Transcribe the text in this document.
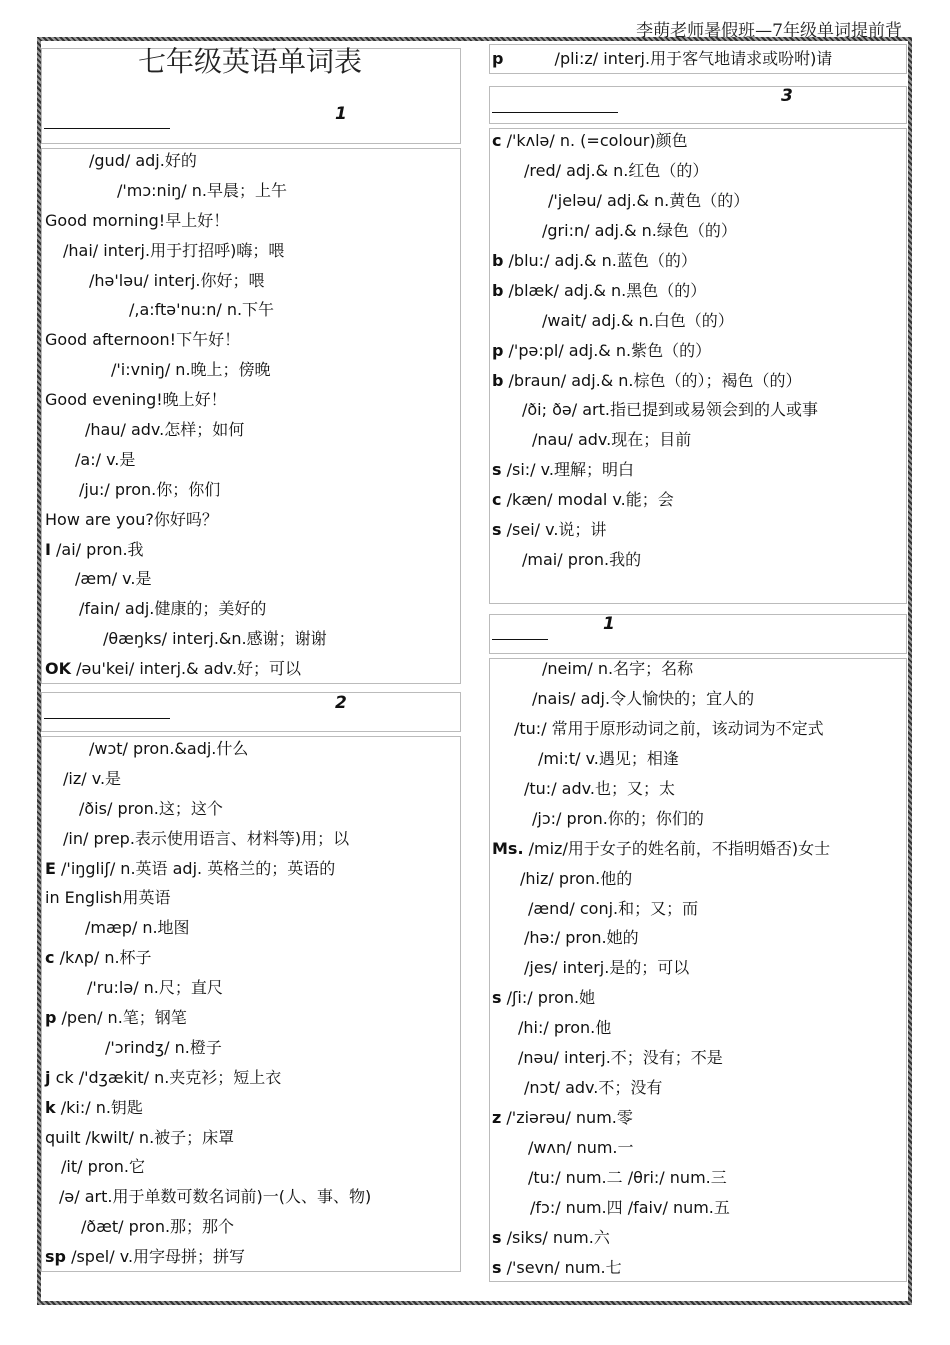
李萌老师暑假班—7年级单词提前背
七年级英语单词表
1
/gud/ adj.好的
/'mɔ:niŋ/ n.早晨；上午
Good morning!早上好！
/hai/ interj.用于打招呼)嗨；喂
/hə'ləu/ interj.你好；喂
/,a:ftə'nu:n/ n.下午
Good afternoon!下午好！
/'i:vniŋ/ n.晚上；傍晚
Good evening!晚上好！
/hau/ adv.怎样；如何
/a:/ v.是
/ju:/ pron.你；你们
How are you?你好吗？
I /ai/ pron.我
/æm/ v.是
/fain/ adj.健康的；美好的
/θæŋks/ interj.&n.感谢；谢谢
OK /əu'kei/ interj.& adv.好；可以
2
/wɔt/ pron.&adj.什么
/iz/ v.是
/ðis/ pron.这；这个
/in/ prep.表示使用语言、材料等)用；以
E /'iŋgliʃ/ n.英语 adj. 英格兰的；英语的
in English用英语
/mæp/ n.地图
c /kʌp/ n.杯子
/'ru:lə/ n.尺；直尺
p /pen/ n.笔；钢笔
/'ɔrindʒ/ n.橙子
j ck /'dʒækit/ n.夹克衫；短上衣
k /ki:/ n.钥匙
quilt /kwilt/ n.被子；床罩
/it/ pron.它
/ə/ art.用于单数可数名词前)一(人、事、物)
/ðæt/ pron.那；那个
sp /spel/ v.用字母拼；拼写
p	/pli:z/ interj.用于客气地请求或吩咐)请
3
c /'kʌlə/ n. (=colour)颜色
/red/ adj.& n.红色（的）
/'jeləu/ adj.& n.黄色（的）
/gri:n/ adj.& n.绿色（的）
b /blu:/ adj.& n.蓝色（的）
b /blæk/ adj.& n.黑色（的）
/wait/ adj.& n.白色（的）
p /'pə:pl/ adj.& n.紫色（的）
b /braun/ adj.& n.棕色（的）；褐色（的）
/ði; ðə/ art.指已提到或易领会到的人或事
/nau/ adv.现在；目前
s /si:/ v.理解；明白
c /kæn/ modal v.能；会
s /sei/ v.说；讲
/mai/ pron.我的
1
/neim/ n.名字；名称
/nais/ adj.令人愉快的；宜人的
/tu:/ 常用于原形动词之前，该动词为不定式
/mi:t/ v.遇见；相逢
/tu:/ adv.也；又；太
/jɔ:/ pron.你的；你们的
Ms. /miz/用于女子的姓名前，不指明婚否)女士
/hiz/ pron.他的
/ænd/ conj.和；又；而
/hə:/ pron.她的
/jes/ interj.是的；可以
s /ʃi:/ pron.她
/hi:/ pron.他
/nəu/ interj.不；没有；不是
/nɔt/ adv.不；没有
z /'ziərəu/ num.零
/wʌn/ num.一
/tu:/ num.二 /θri:/ num.三
/fɔ:/ num.四 /faiv/ num.五
s /siks/ num.六
s /'sevn/ num.七
